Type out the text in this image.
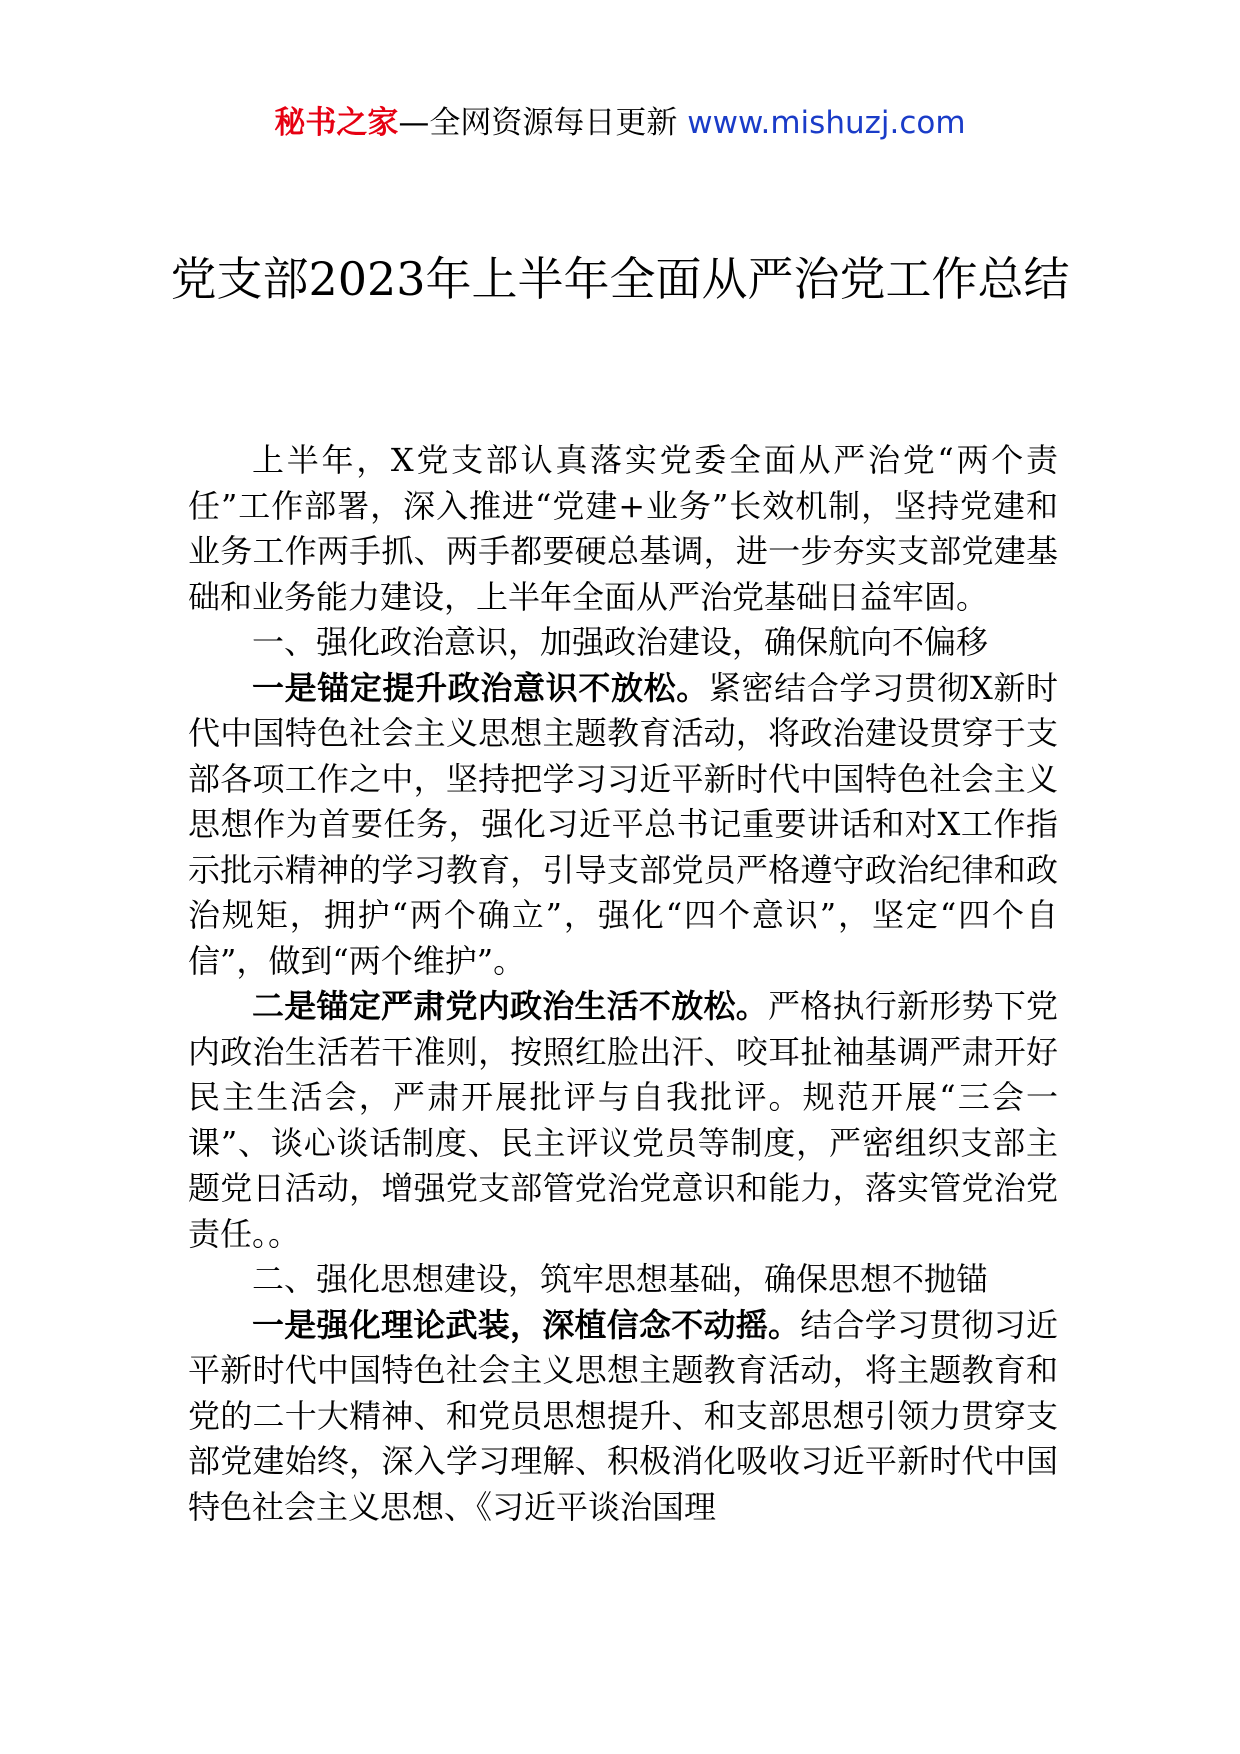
秘书之家—全网资源每日更新 www.mishuzj.com
党支部2023年上半年全面从严治党工作总结

上半年，X党支部认真落实党委全面从严治党“两个责任”工作部署，深入推进“党建+业务”长效机制，坚持党建和业务工作两手抓、两手都要硬总基调，进一步夯实支部党建基础和业务能力建设，上半年全面从严治党基础日益牢固。

一、强化政治意识，加强政治建设，确保航向不偏移

一是锚定提升政治意识不放松。紧密结合学习贯彻X新时代中国特色社会主义思想主题教育活动，将政治建设贯穿于支部各项工作之中，坚持把学习习近平新时代中国特色社会主义思想作为首要任务，强化习近平总书记重要讲话和对X工作指示批示精神的学习教育，引导支部党员严格遵守政治纪律和政治规矩，拥护“两个确立”，强化“四个意识”，坚定“四个自信”，做到“两个维护”。

二是锚定严肃党内政治生活不放松。严格执行新形势下党内政治生活若干准则，按照红脸出汗、咬耳扯袖基调严肃开好民主生活会，严肃开展批评与自我批评。规范开展“三会一课”、谈心谈话制度、民主评议党员等制度，严密组织支部主题党日活动，增强党支部管党治党意识和能力，落实管党治党责任。。

二、强化思想建设，筑牢思想基础，确保思想不抛锚

一是强化理论武装，深植信念不动摇。结合学习贯彻习近平新时代中国特色社会主义思想主题教育活动，将主题教育和党的二十大精神、和党员思想提升、和支部思想引领力贯穿支部党建始终，深入学习理解、积极消化吸收习近平新时代中国特色社会主义思想、《习近平谈治国理
